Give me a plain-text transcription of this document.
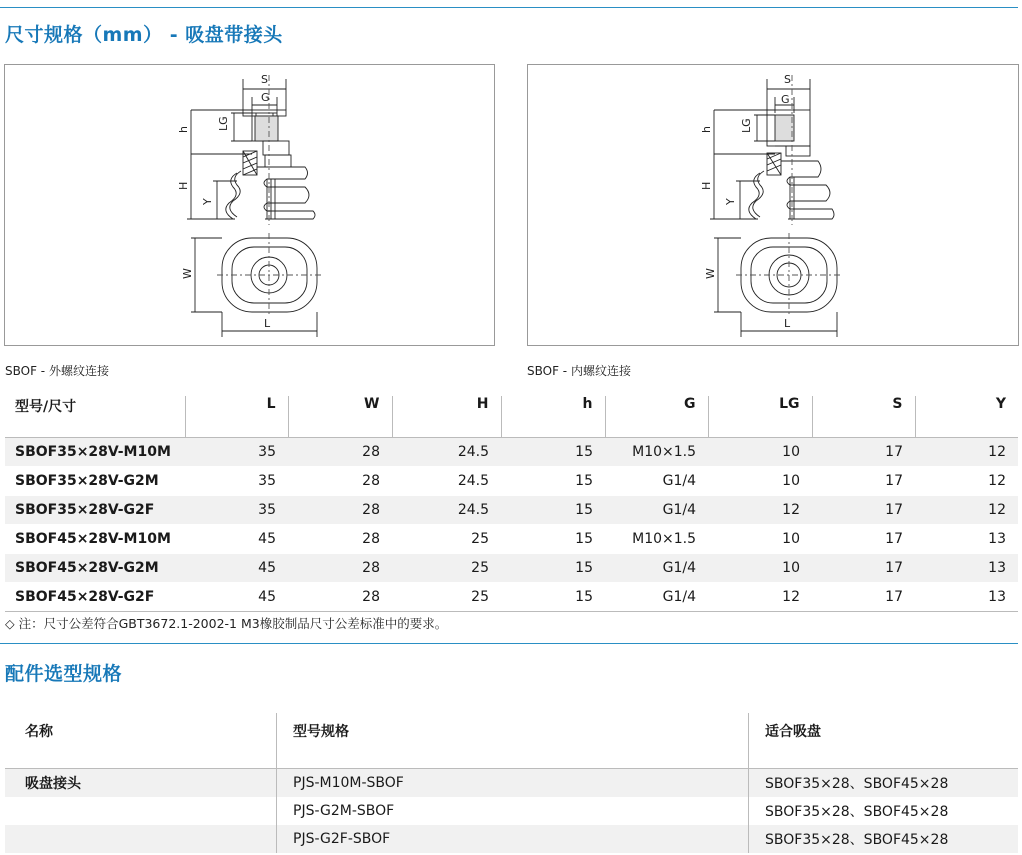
尺寸规格（mm） - 吸盘带接头
S
G
h LG
H
Y
W
L
SBOF - 外螺纹连接
S
G
h LG
H
Y
W
L
SBOF - 内螺纹连接
型号/尺寸	L	W	H	h	G	LG	S	Y
SBOF35×28V-M10M	35	28	24.5	15	M10×1.5	10	17	12
SBOF35×28V-G2M	35	28	24.5	15	G1/4	10	17	12
SBOF35×28V-G2F	35	28	24.5	15	G1/4	12	17	12
SBOF45×28V-M10M	45	28	25	15	M10×1.5	10	17	13
SBOF45×28V-G2M	45	28	25	15	G1/4	10	17	13
SBOF45×28V-G2F	45	28	25	15	G1/4	12	17	13
◇ 注：尺寸公差符合GBT3672.1-2002-1 M3橡胶制品尺寸公差标准中的要求。
配件选型规格
名称	型号规格	适合吸盘
吸盘接头	PJS-M10M-SBOF	SBOF35×28、SBOF45×28
	PJS-G2M-SBOF	SBOF35×28、SBOF45×28
	PJS-G2F-SBOF	SBOF35×28、SBOF45×28
